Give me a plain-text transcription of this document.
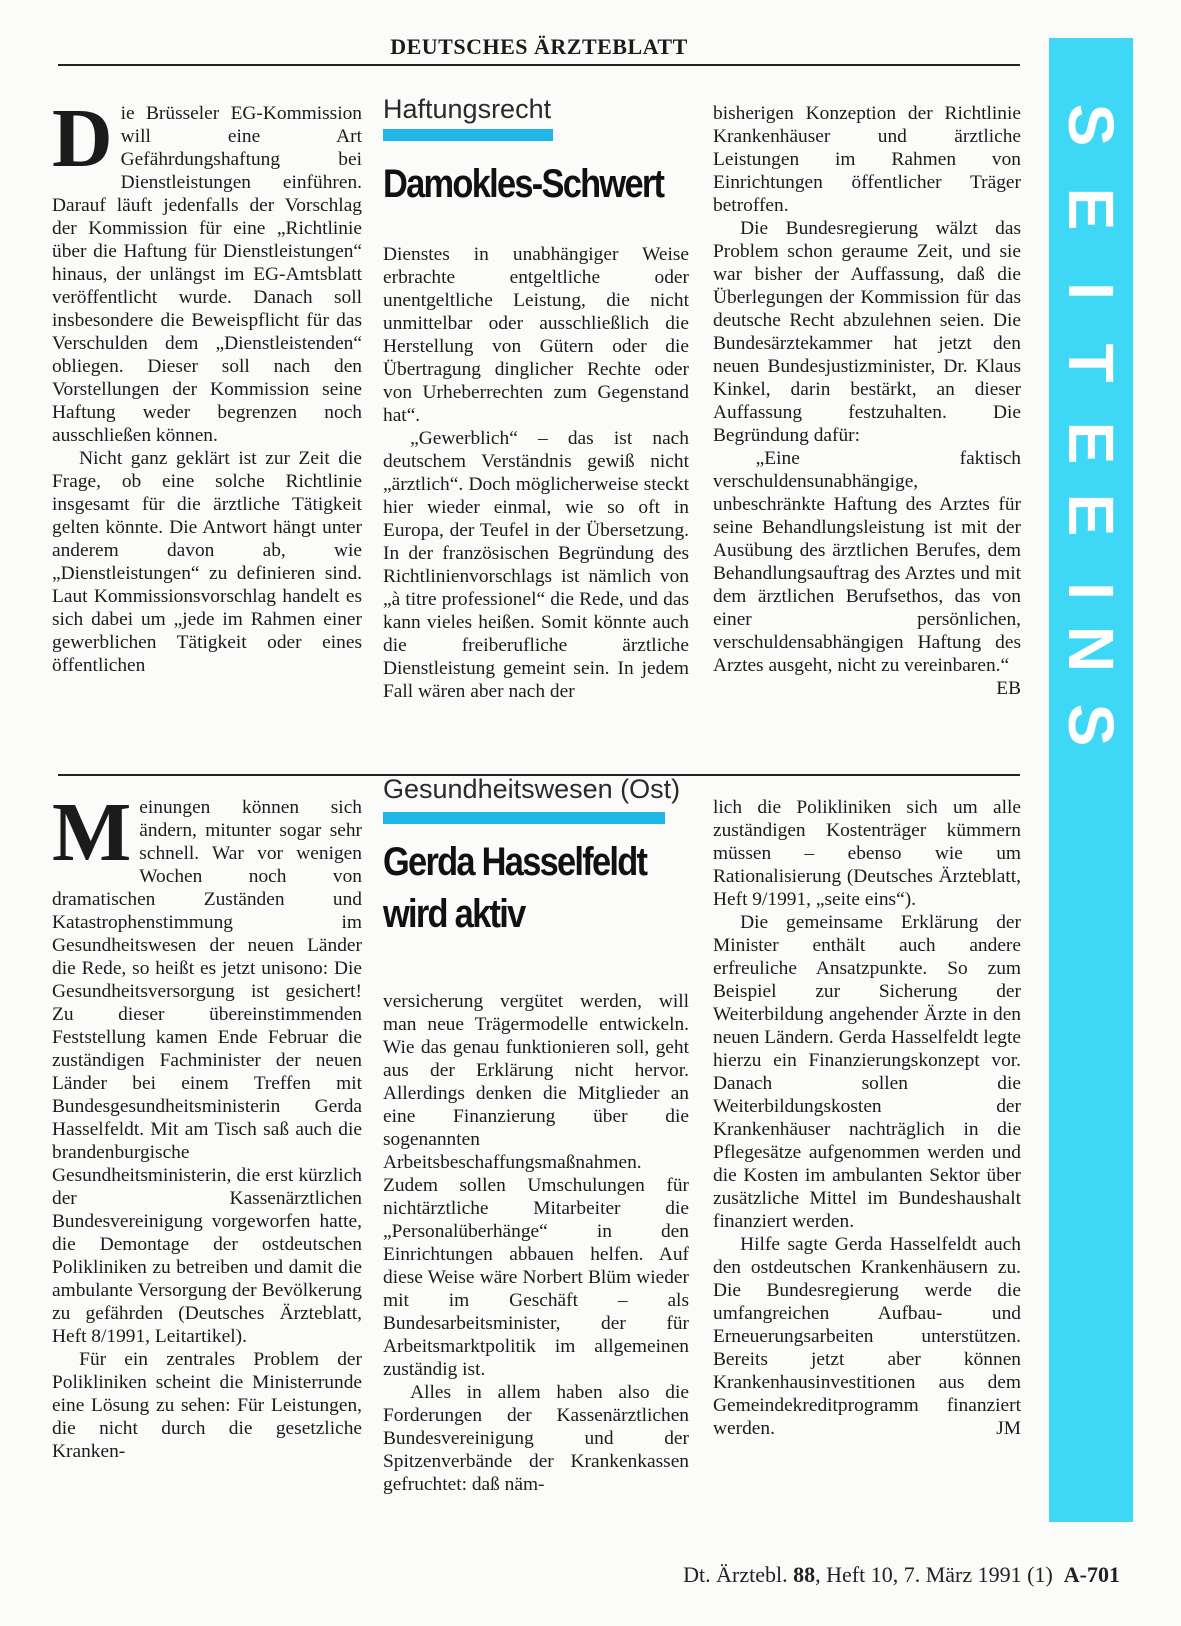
DEUTSCHES ÄRZTEBLATT
D ie Brüsseler EG-Kommission will eine Art Gefährdungshaftung bei Dienstleistungen einführen. Darauf läuft jedenfalls der Vorschlag der Kommission für eine „Richtlinie über die Haftung für Dienstleistungen“ hinaus, der unlängst im EG-Amtsblatt veröffentlicht wurde. Danach soll insbesondere die Beweispflicht für das Verschulden dem „Dienstleistenden“ obliegen. Dieser soll nach den Vorstellungen der Kommission seine Haftung weder begrenzen noch ausschließen können.

Nicht ganz geklärt ist zur Zeit die Frage, ob eine solche Richtlinie insgesamt für die ärztliche Tätigkeit gelten könnte. Die Antwort hängt unter anderem davon ab, wie „Dienstleistungen“ zu definieren sind. Laut Kommissionsvorschlag handelt es sich dabei um „jede im Rahmen einer gewerblichen Tätigkeit oder eines öffentlichen

Haftungsrecht
Damokles-Schwert

Dienstes in unabhängiger Weise erbrachte entgeltliche oder unentgeltliche Leistung, die nicht unmittelbar oder ausschließlich die Herstellung von Gütern oder die Übertragung dinglicher Rechte oder von Urheberrechten zum Gegenstand hat“.

„Gewerblich“ – das ist nach deutschem Verständnis gewiß nicht „ärztlich“. Doch möglicherweise steckt hier wieder einmal, wie so oft in Europa, der Teufel in der Übersetzung. In der französischen Begründung des Richtlinienvorschlags ist nämlich von „à titre professionel“ die Rede, und das kann vieles heißen. Somit könnte auch die freiberufliche ärztliche Dienstleistung gemeint sein. In jedem Fall wären aber nach der

bisherigen Konzeption der Richtlinie Krankenhäuser und ärztliche Leistungen im Rahmen von Einrichtungen öffentlicher Träger betroffen.

Die Bundesregierung wälzt das Problem schon geraume Zeit, und sie war bisher der Auffassung, daß die Überlegungen der Kommission für das deutsche Recht abzulehnen seien. Die Bundesärztekammer hat jetzt den neuen Bundesjustizminister, Dr. Klaus Kinkel, darin bestärkt, an dieser Auffassung festzuhalten. Die Begründung dafür:

„Eine faktisch verschuldensunabhängige, unbeschränkte Haftung des Arztes für seine Behandlungsleistung ist mit der Ausübung des ärztlichen Berufes, dem Behandlungsauftrag des Arztes und mit dem ärztlichen Berufsethos, das von einer persönlichen, verschuldensabhängigen Haftung des Arztes ausgeht, nicht zu vereinbaren.“
EB

M einungen können sich ändern, mitunter sogar sehr schnell. War vor wenigen Wochen noch von dramatischen Zuständen und Katastrophenstimmung im Gesundheitswesen der neuen Länder die Rede, so heißt es jetzt unisono: Die Gesundheitsversorgung ist gesichert! Zu dieser übereinstimmenden Feststellung kamen Ende Februar die zuständigen Fachminister der neuen Länder bei einem Treffen mit Bundesgesundheitsministerin Gerda Hasselfeldt. Mit am Tisch saß auch die brandenburgische Gesundheitsministerin, die erst kürzlich der Kassenärztlichen Bundesvereinigung vorgeworfen hatte, die Demontage der ostdeutschen Polikliniken zu betreiben und damit die ambulante Versorgung der Bevölkerung zu gefährden (Deutsches Ärzteblatt, Heft 8/1991, Leitartikel).

Für ein zentrales Problem der Polikliniken scheint die Ministerrunde eine Lösung zu sehen: Für Leistungen, die nicht durch die gesetzliche Kranken-

Gesundheitswesen (Ost)
Gerda Hasselfeldt
wird aktiv

versicherung vergütet werden, will man neue Trägermodelle entwickeln. Wie das genau funktionieren soll, geht aus der Erklärung nicht hervor. Allerdings denken die Mitglieder an eine Finanzierung über die sogenannten Arbeitsbeschaffungsmaßnahmen. Zudem sollen Umschulungen für nichtärztliche Mitarbeiter die „Personalüberhänge“ in den Einrichtungen abbauen helfen. Auf diese Weise wäre Norbert Blüm wieder mit im Geschäft – als Bundesarbeitsminister, der für Arbeitsmarktpolitik im allgemeinen zuständig ist.

Alles in allem haben also die Forderungen der Kassenärztlichen Bundesvereinigung und der Spitzenverbände der Krankenkassen gefruchtet: daß näm-

lich die Polikliniken sich um alle zuständigen Kostenträger kümmern müssen – ebenso wie um Rationalisierung (Deutsches Ärzteblatt, Heft 9/1991, „seite eins“).

Die gemeinsame Erklärung der Minister enthält auch andere erfreuliche Ansatzpunkte. So zum Beispiel zur Sicherung der Weiterbildung angehender Ärzte in den neuen Ländern. Gerda Hasselfeldt legte hierzu ein Finanzierungskonzept vor. Danach sollen die Weiterbildungskosten der Krankenhäuser nachträglich in die Pflegesätze aufgenommen werden und die Kosten im ambulanten Sektor über zusätzliche Mittel im Bundeshaushalt finanziert werden.

Hilfe sagte Gerda Hasselfeldt auch den ostdeutschen Krankenhäusern zu. Die Bundesregierung werde die umfangreichen Aufbau- und Erneuerungsarbeiten unterstützen. Bereits jetzt aber können Krankenhausinvestitionen aus dem Gemeindekreditprogramm finanziert werden.	JM

S
E
I
T
E
E
I
N
S
Dt. Ärztebl. 88, Heft 10, 7. März 1991 (1) A-701
